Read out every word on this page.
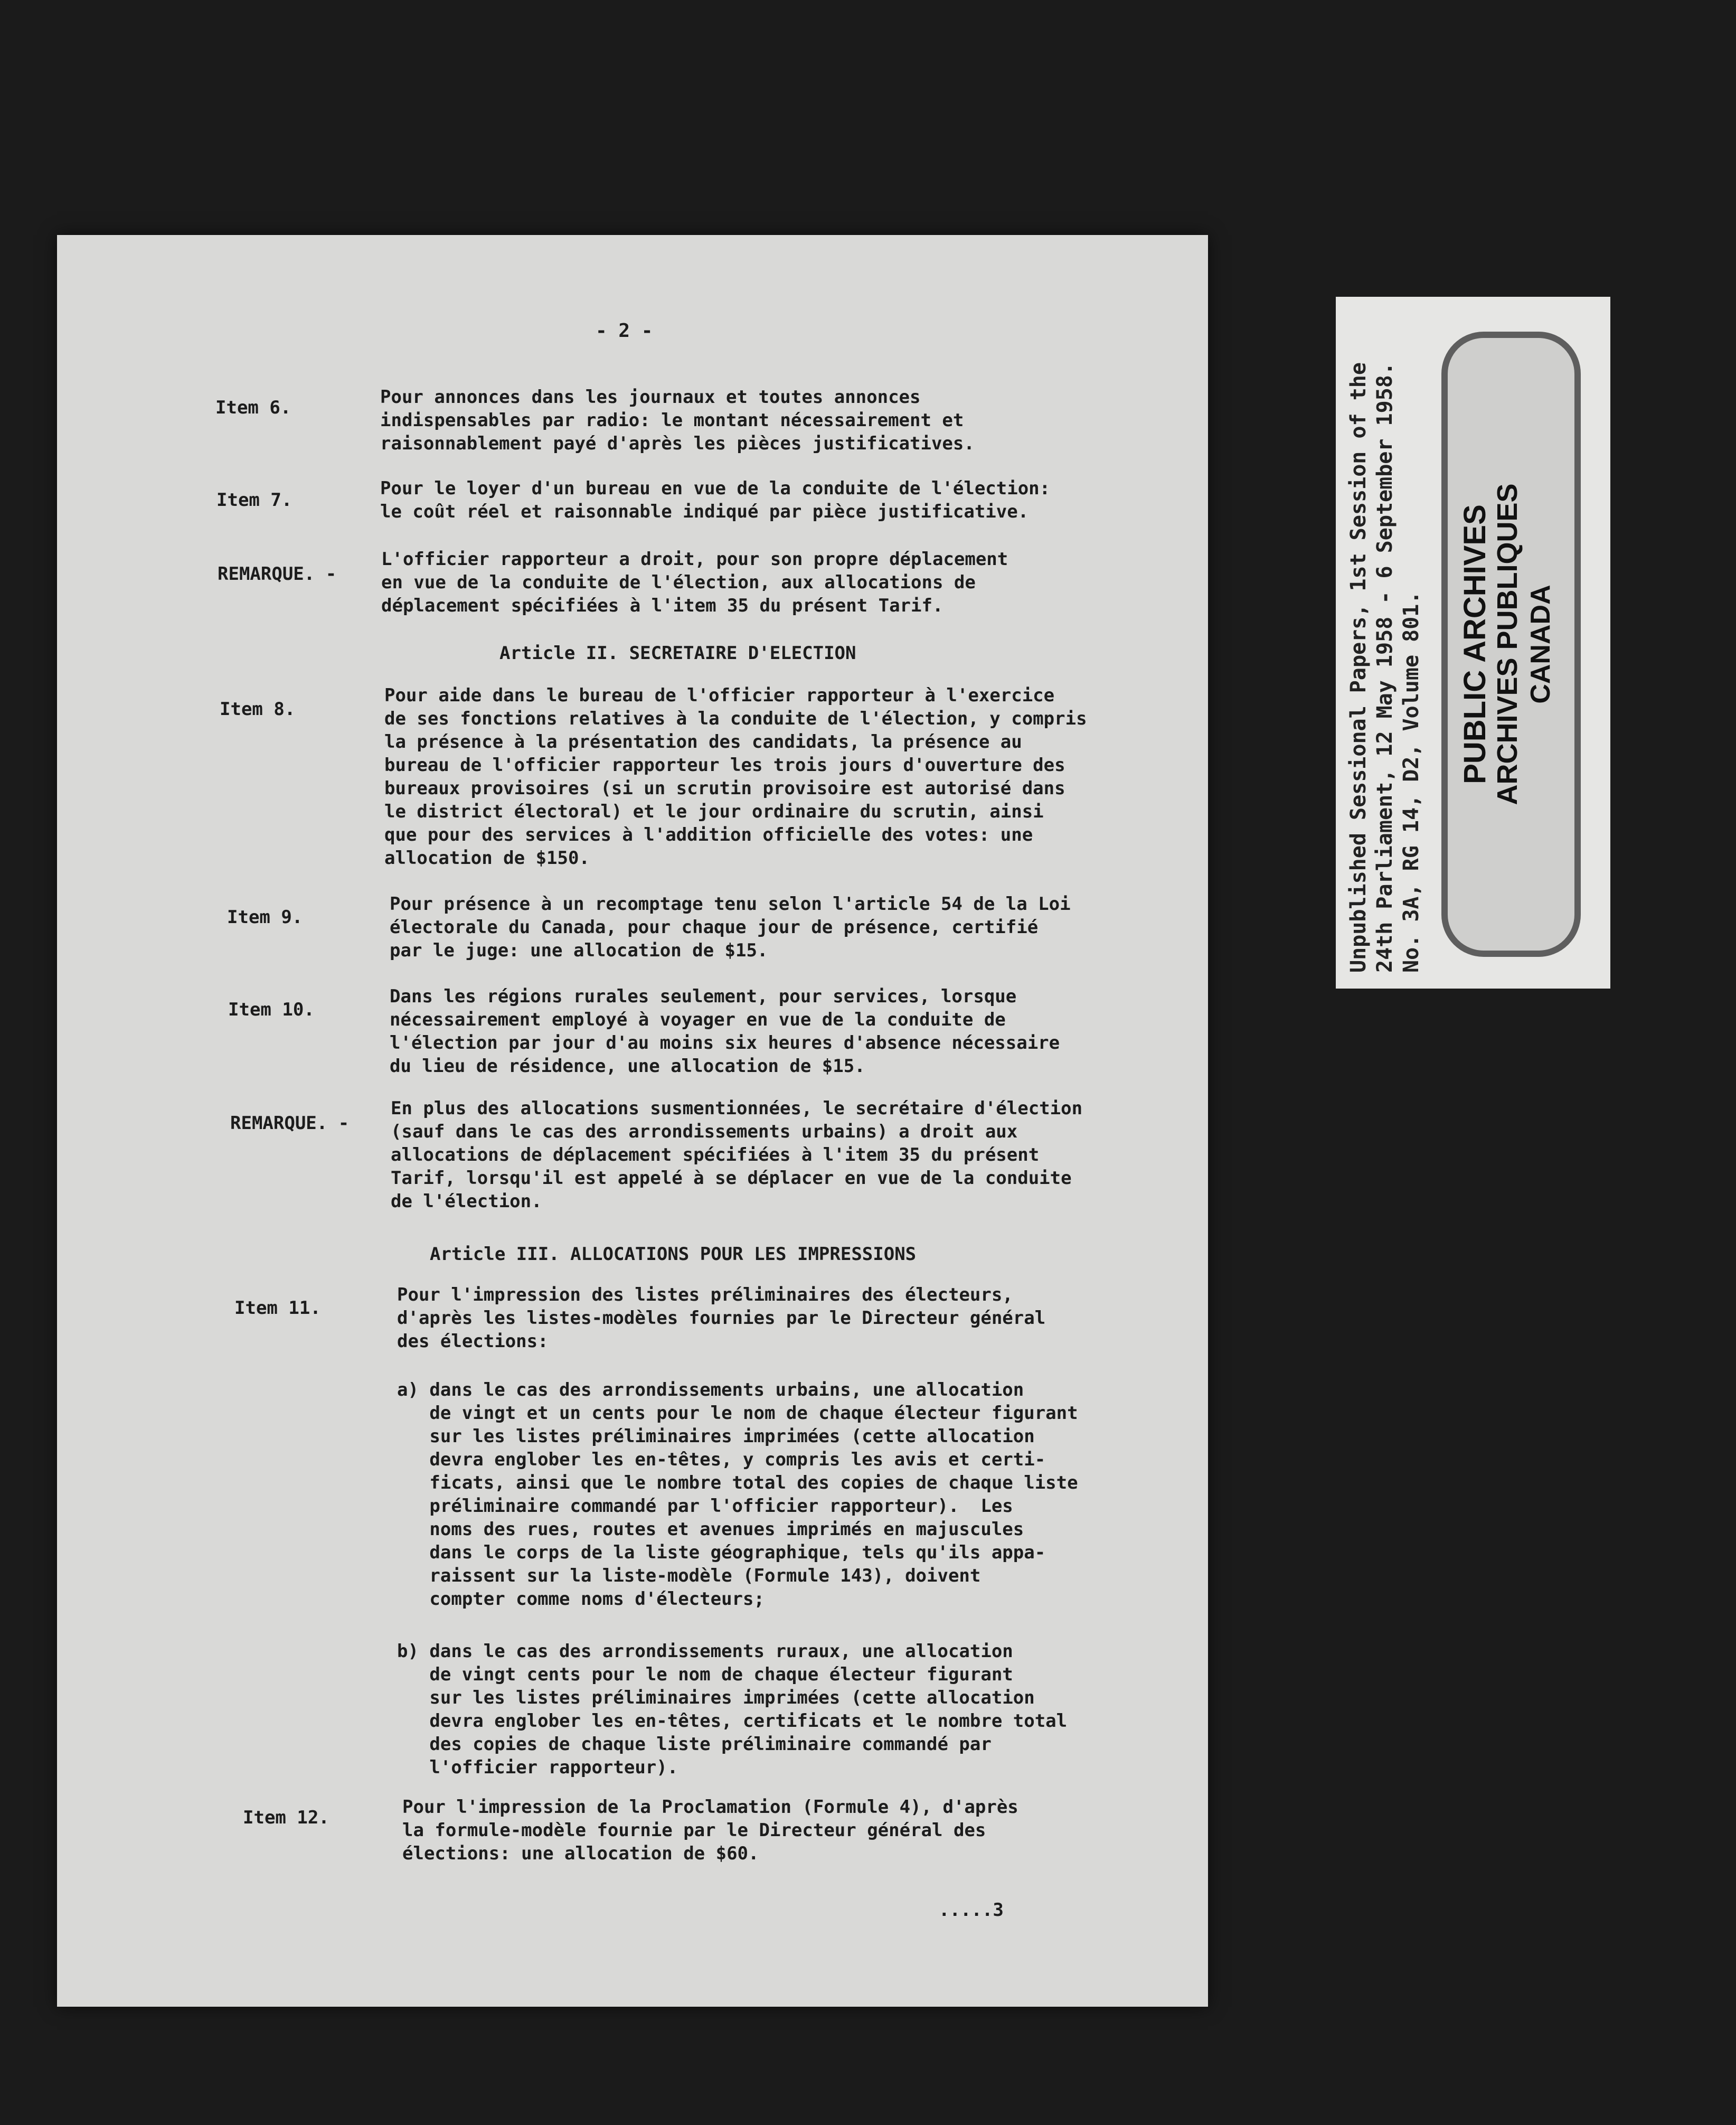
- 2 -
Item 6.	Pour annonces dans les journaux et toutes annonces
indispensables par radio: le montant nécessairement et
raisonnablement payé d'après les pièces justificatives.
Item 7.
Pour le loyer d'un bureau en vue de la conduite de l'élection:
le coût réel et raisonnable indiqué par pièce justificative.
REMARQUE. -
L'officier rapporteur a droit, pour son propre déplacement
en vue de la conduite de l'élection, aux allocations de
déplacement spécifiées à l'item 35 du présent Tarif.
Article II. SECRETAIRE D'ELECTION
Item 8.
Pour aide dans le bureau de l'officier rapporteur à l'exercice
de ses fonctions relatives à la conduite de l'élection, y compris
la présence à la présentation des candidats, la présence au
bureau de l'officier rapporteur les trois jours d'ouverture des
bureaux provisoires (si un scrutin provisoire est autorisé dans
le district électoral) et le jour ordinaire du scrutin, ainsi
que pour des services à l'addition officielle des votes: une
allocation de $150.
Item 9.
Pour présence à un recomptage tenu selon l'article 54 de la Loi
électorale du Canada, pour chaque jour de présence, certifié
par le juge: une allocation de $15.
Item 10.
Dans les régions rurales seulement, pour services, lorsque
nécessairement employé à voyager en vue de la conduite de
l'élection par jour d'au moins six heures d'absence nécessaire
du lieu de résidence, une allocation de $15.
REMARQUE. -
En plus des allocations susmentionnées, le secrétaire d'élection
(sauf dans le cas des arrondissements urbains) a droit aux
allocations de déplacement spécifiées à l'item 35 du présent
Tarif, lorsqu'il est appelé à se déplacer en vue de la conduite
de l'élection.
Article III. ALLOCATIONS POUR LES IMPRESSIONS
Item 11.
Pour l'impression des listes préliminaires des électeurs,
d'après les listes-modèles fournies par le Directeur général
des élections:
a) dans le cas des arrondissements urbains, une allocation
de vingt et un cents pour le nom de chaque électeur figurant
sur les listes préliminaires imprimées (cette allocation
devra englober les en-têtes, y compris les avis et certi-
ficats, ainsi que le nombre total des copies de chaque liste
préliminaire commandé par l'officier rapporteur).  Les
noms des rues, routes et avenues imprimés en majuscules
dans le corps de la liste géographique, tels qu'ils appa-
raissent sur la liste-modèle (Formule 143), doivent
compter comme noms d'électeurs;
b) dans le cas des arrondissements ruraux, une allocation
de vingt cents pour le nom de chaque électeur figurant
sur les listes préliminaires imprimées (cette allocation
devra englober les en-têtes, certificats et le nombre total
des copies de chaque liste préliminaire commandé par
l'officier rapporteur).
Item 12.	Pour l'impression de la Proclamation (Formule 4), d'après
la formule-modèle fournie par le Directeur général des
élections: une allocation de $60.
.....3
Unpublished Sessional Papers, 1st Session of the 24th Parliament, 12 May 1958 - 6 September 1958. No. 3A, RG 14, D2, Volume 801. PUBLIC ARCHIVES ARCHIVES PUBLIQUES CANADA
